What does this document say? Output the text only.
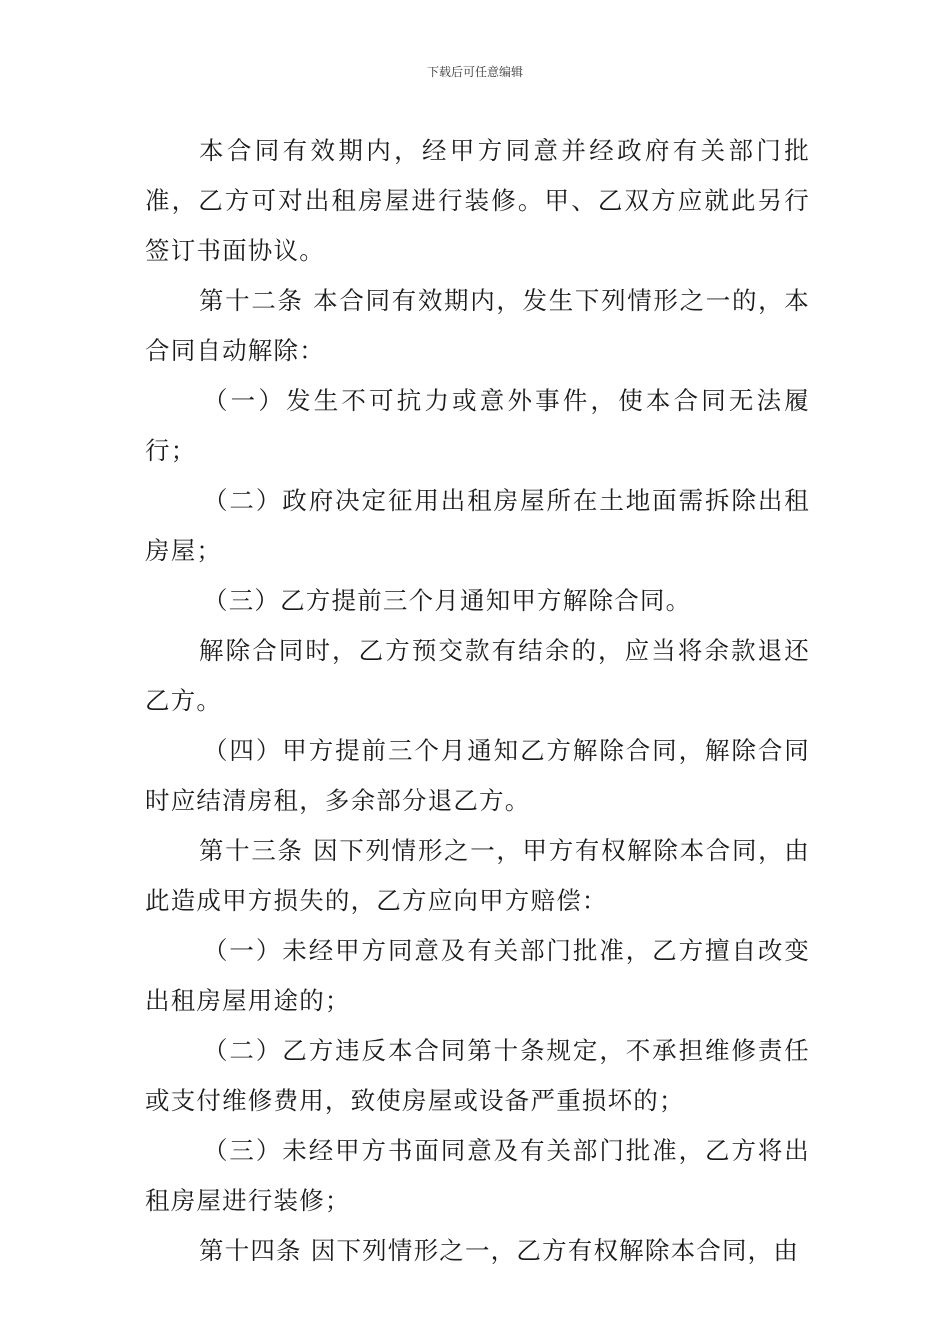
下载后可任意编辑

本合同有效期内，经甲方同意并经政府有关部门批准，乙方可对出租房屋进行装修。甲、乙双方应就此另行签订书面协议。

第十二条 本合同有效期内，发生下列情形之一的，本合同自动解除：

（一）发生不可抗力或意外事件，使本合同无法履行；

（二）政府决定征用出租房屋所在土地面需拆除出租房屋；

（三）乙方提前三个月通知甲方解除合同。

解除合同时，乙方预交款有结余的，应当将余款退还乙方。

（四）甲方提前三个月通知乙方解除合同，解除合同时应结清房租，多余部分退乙方。

第十三条 因下列情形之一，甲方有权解除本合同，由此造成甲方损失的，乙方应向甲方赔偿：

（一）未经甲方同意及有关部门批准，乙方擅自改变出租房屋用途的；

（二）乙方违反本合同第十条规定，不承担维修责任或支付维修费用，致使房屋或设备严重损坏的；

（三）未经甲方书面同意及有关部门批准，乙方将出租房屋进行装修；

第十四条 因下列情形之一，乙方有权解除本合同，由
